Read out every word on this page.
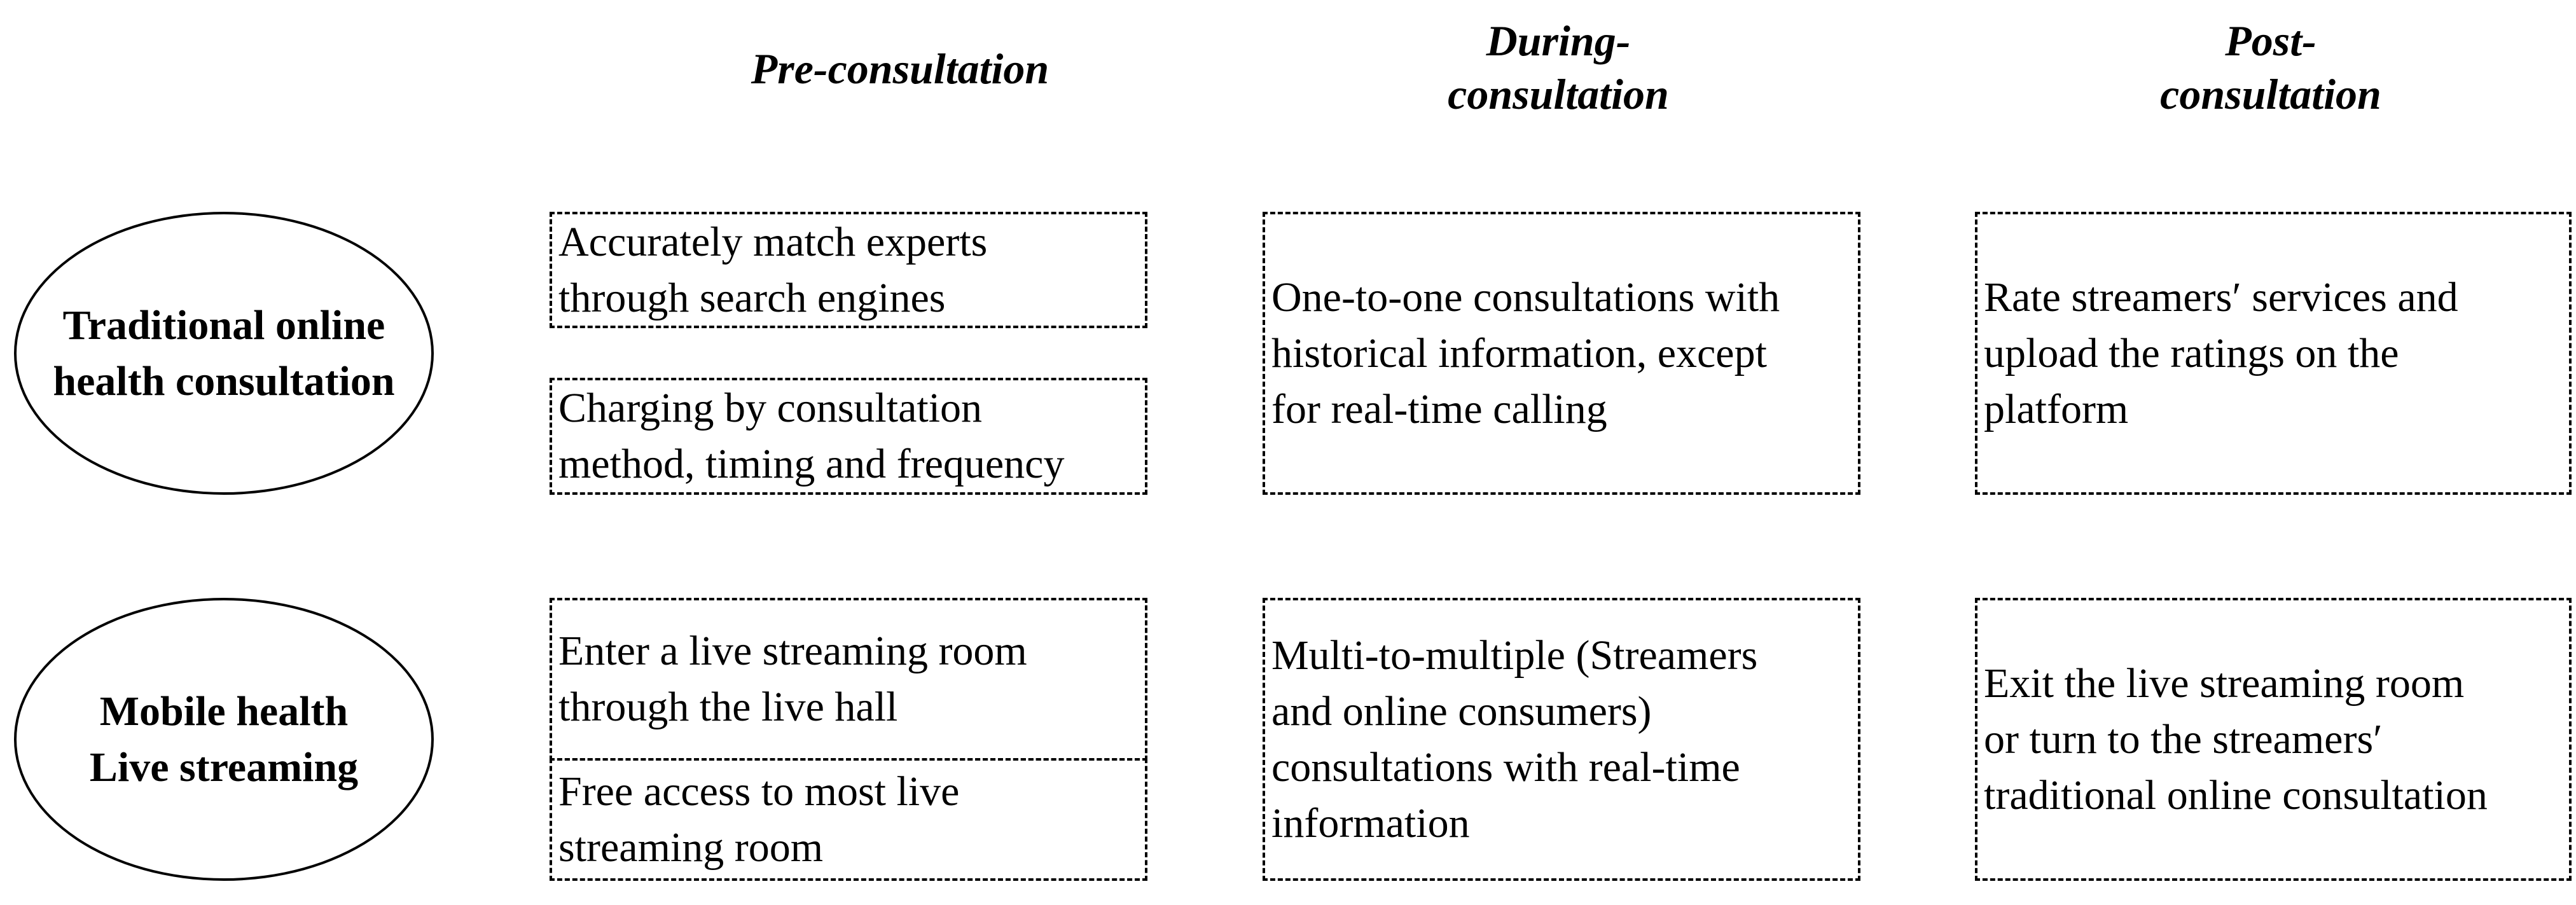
Pre-consultation
During-
consultation
Post-
consultation
Traditional online
health consultation
Accurately match experts
through search engines
Charging by consultation
method, timing and frequency
One-to-one consultations with
historical information, except
for real-time calling
Rate streamers′ services and
upload the ratings on the
platform
Mobile health
Live streaming
Enter a live streaming room
through the live hall
Free access to most live
streaming room
Multi-to-multiple (Streamers
and online consumers)
consultations with real-time
information
Exit the live streaming room
or turn to the streamers′
traditional online consultation
